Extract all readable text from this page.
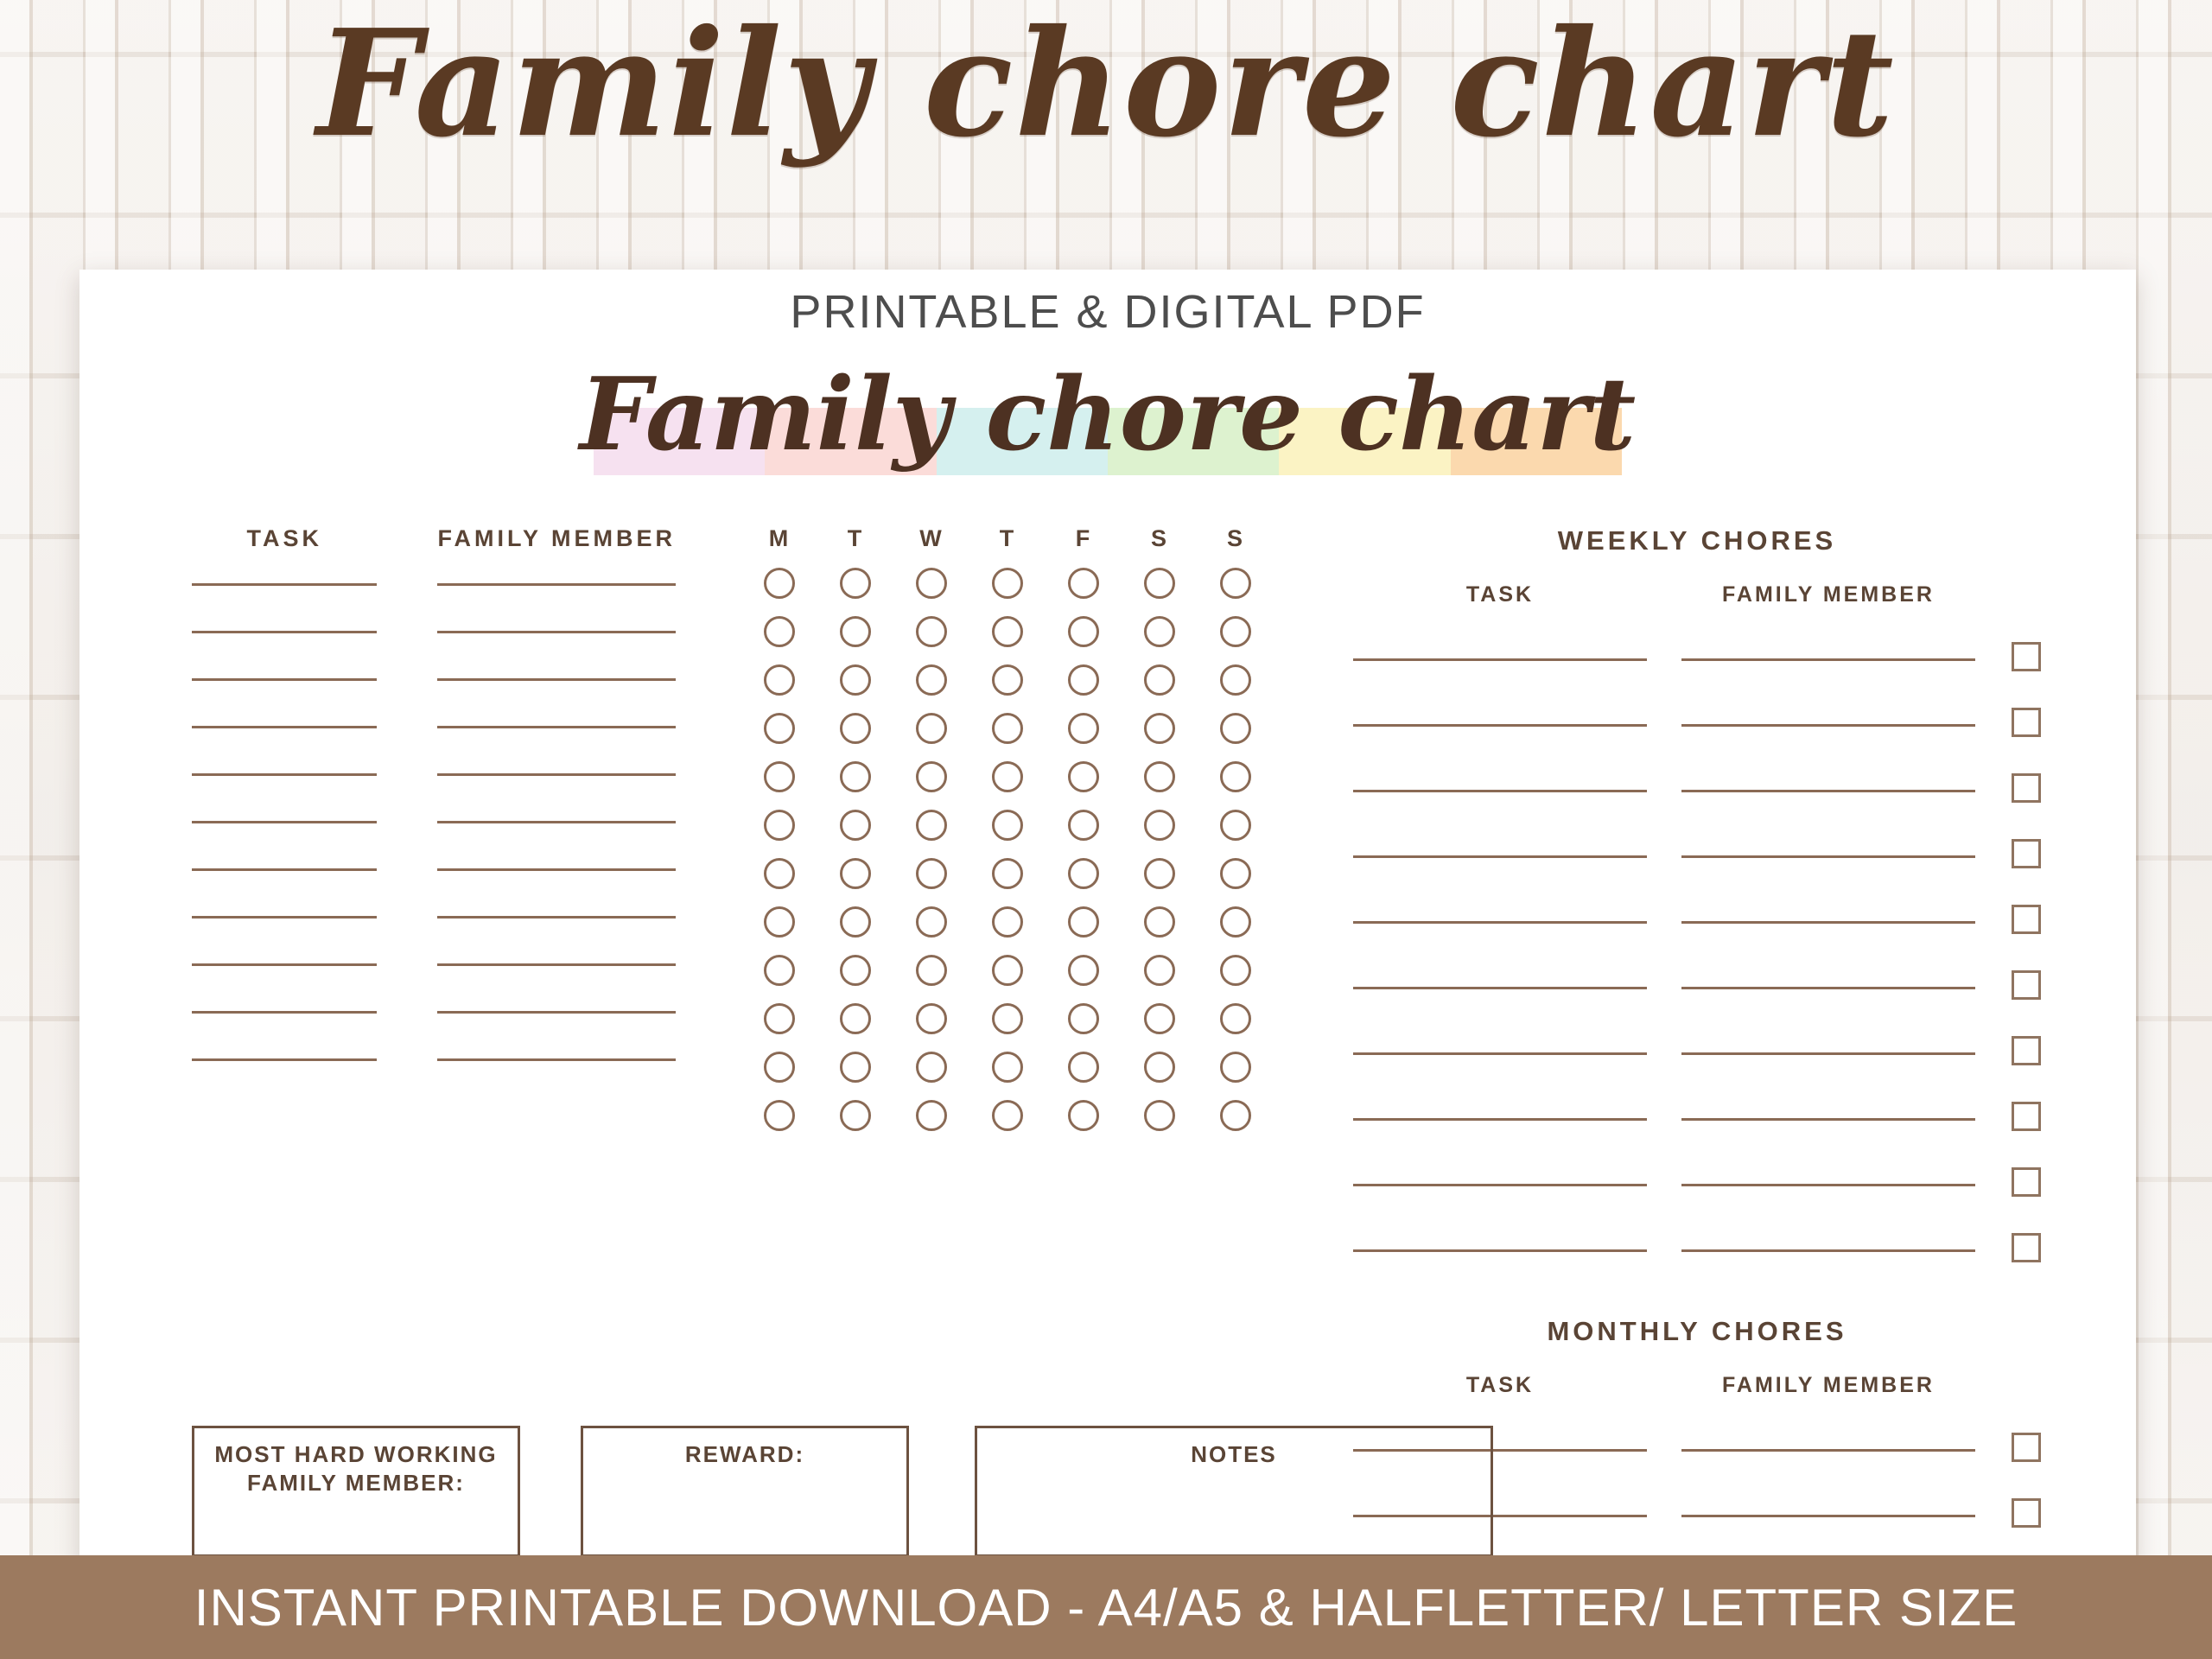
Family chore chart
PRINTABLE & DIGITAL PDF
Family chore chart
TASK	FAMILY MEMBER	M	T	W	T	F	S	S	WEEKLY CHORES
TASK	FAMILY MEMBER
MONTHLY CHORES
TASK	FAMILY MEMBER
MOST HARD WORKING FAMILY MEMBER:
REWARD:	NOTES
INSTANT PRINTABLE DOWNLOAD - A4/A5 & HALFLETTER/ LETTER SIZE
